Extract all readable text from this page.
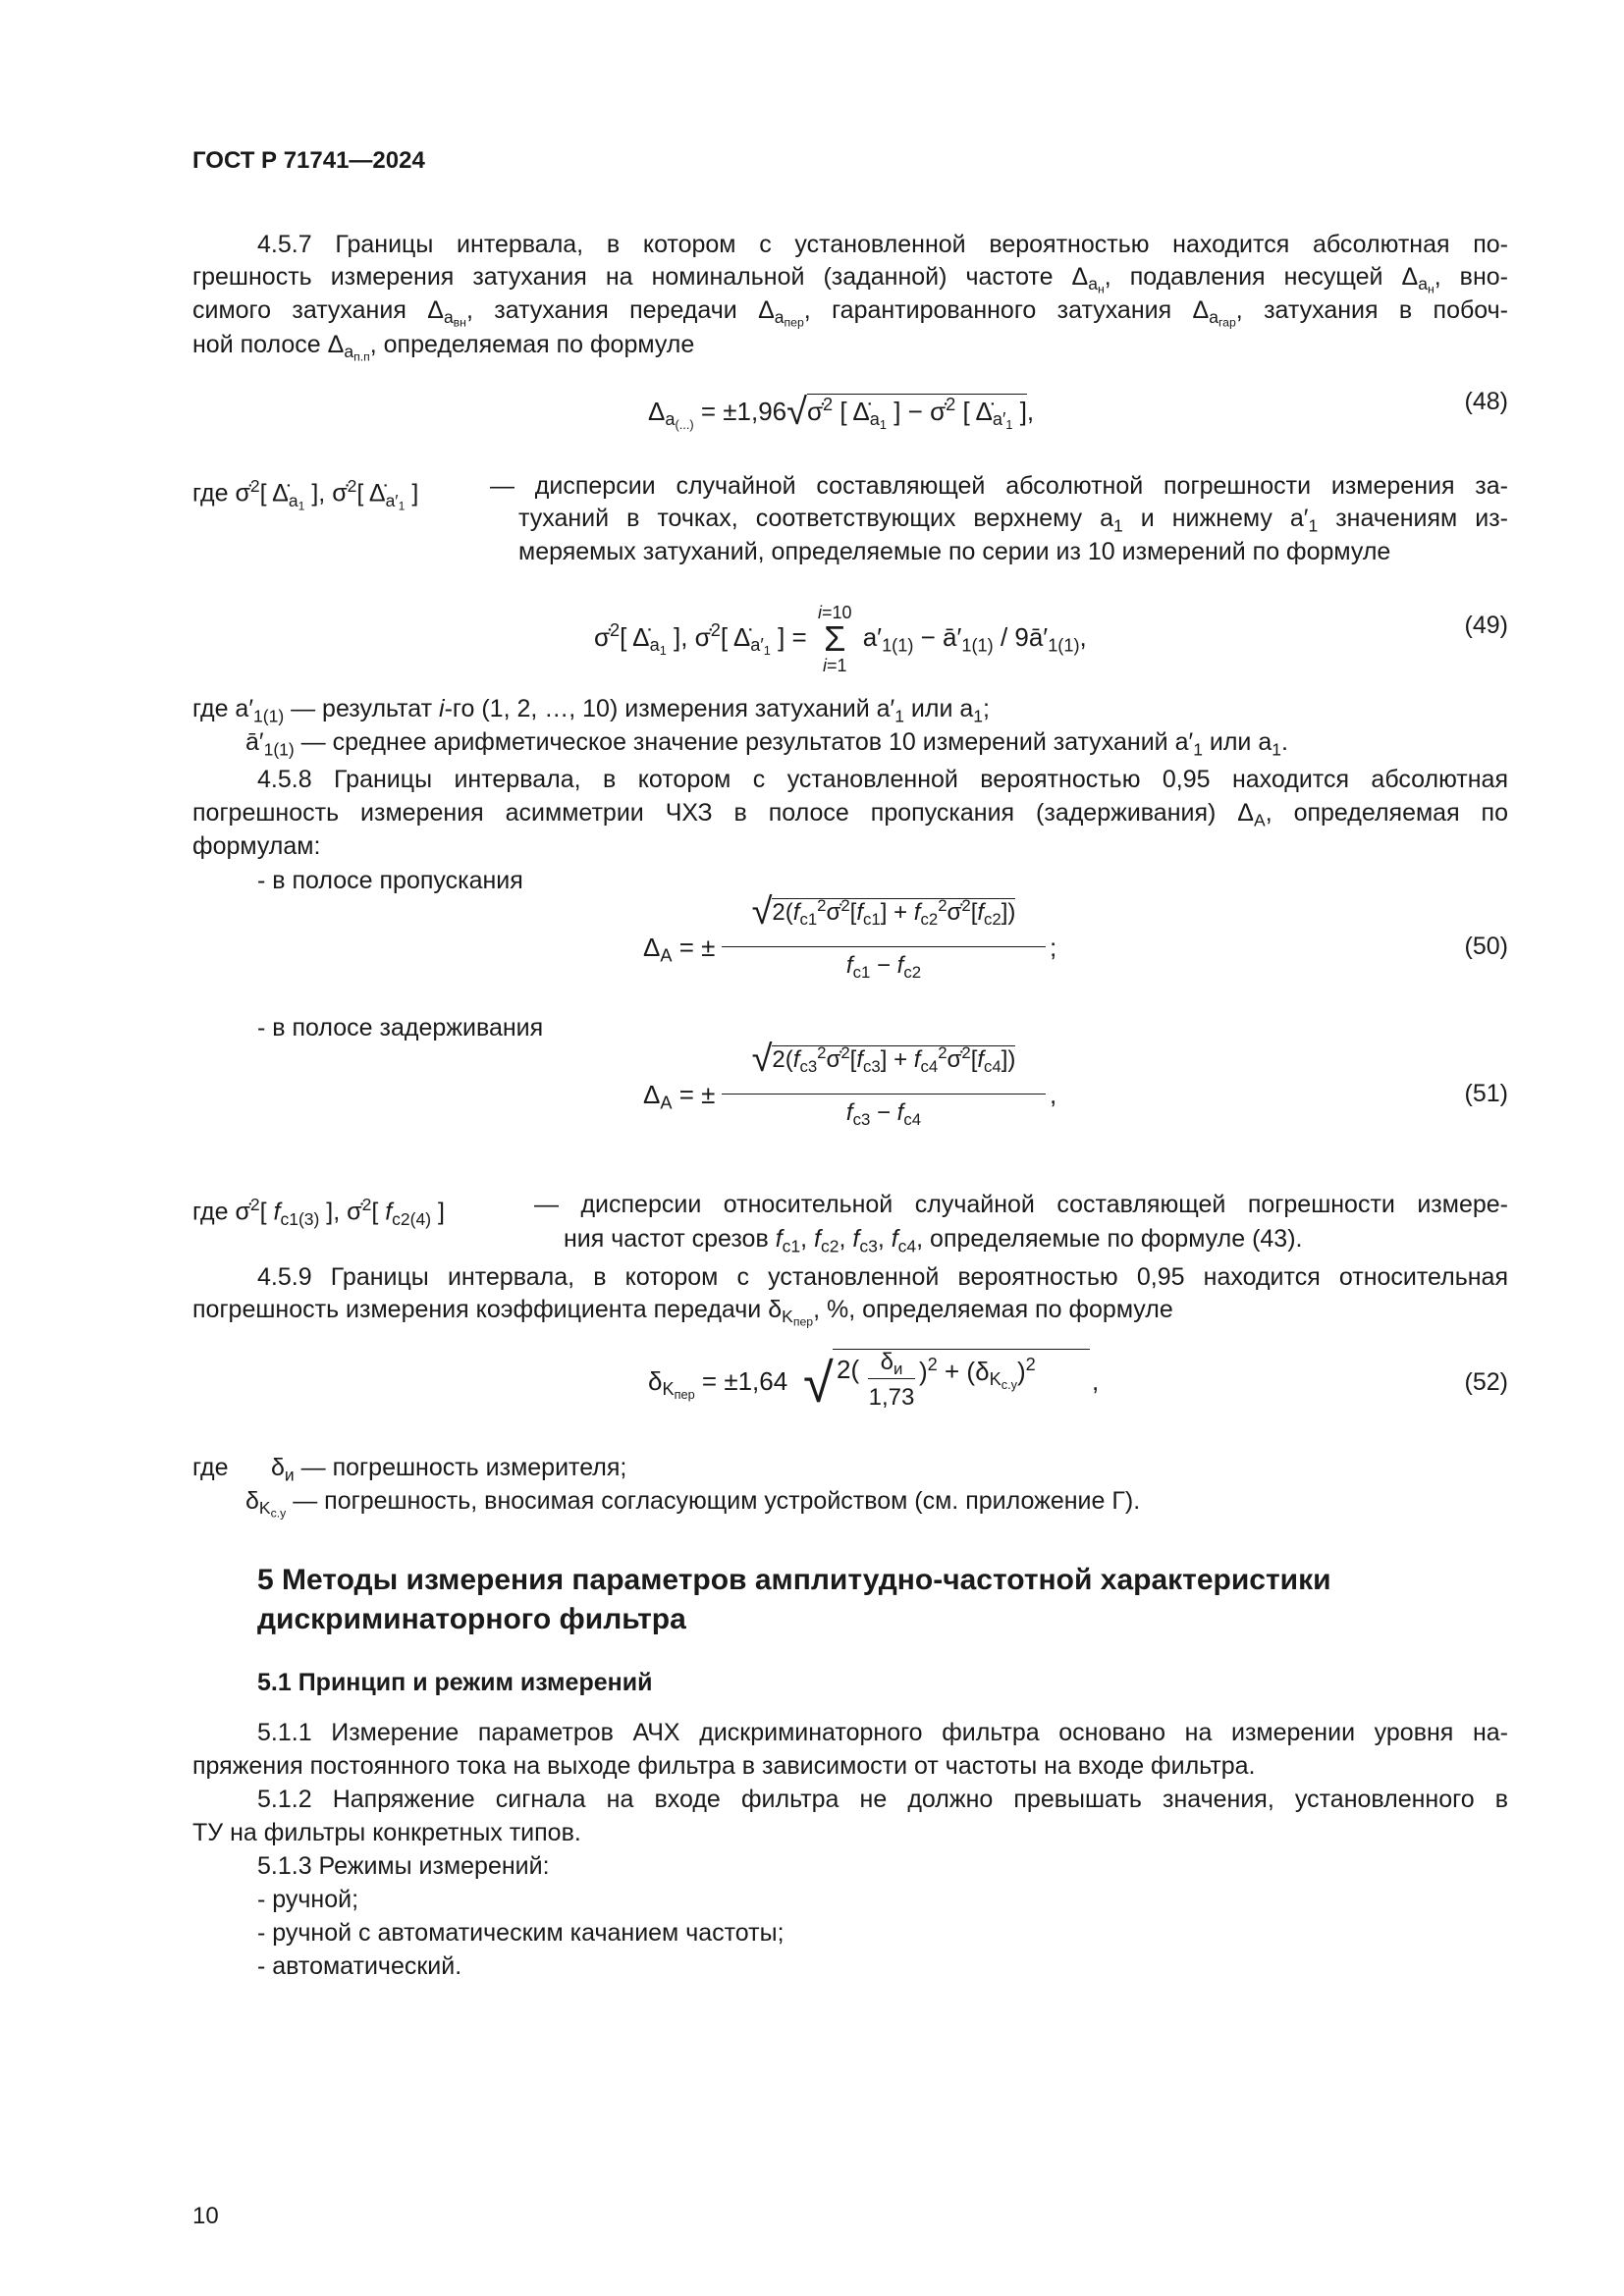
ГОСТ Р 71741—2024
4.5.7 Границы интервала, в котором с установленной вероятностью находится абсолютная по-
грешность измерения затухания на номинальной (заданной) частоте $\Delta_{a_н}$, подавления несущей $\Delta_{a_н}$, вно-
симого затухания $\Delta_{a_{вн}}$, затухания передачи $\Delta_{a_{пер}}$, гарантированного затухания $\Delta_{a_{гар}}$, затухания в побоч-
ной полосе $\Delta_{a_{п.п}}$, определяемая по формуле
$\Delta_{a_{(...)}}$ = ±1,96√σ̇$^2$ [ $\Deltȧ_{a_1}$ ] − σ̇$^2$ [ $\Deltȧ_{a'_1}$ ],	(48)
где σ̇$^2$[ $\Deltȧ_{a_1}$ ], σ̇$^2$[ $\Deltȧ_{a'_1}$ ]	— дисперсии случайной составляющей абсолютной погрешности измерения за-
туханий в точках, соответствующих верхнему $a_1$ и нижнему $a'_1$ значениям из-
меряемых затуханий, определяемые по серии из 10 измерений по формуле
σ̇$^2$[ $\Deltȧ_{a_1}$ ], σ̇$^2$[ $\Deltȧ_{a'_1}$ ] = i=10
Σ
i=1 $a'_{1(1)}$ − $ā'_{1(1)}$ / $9ā'_{1(1)}$,	(49)
где $a'_{1(1)}$ — результат i-го (1, 2, …, 10) измерения затуханий $a'_1$ или $a_1$;
$ā'_{1(1)}$ — среднее арифметическое значение результатов 10 измерений затуханий $a'_1$ или $a_1$.
4.5.8 Границы интервала, в котором с установленной вероятностью 0,95 находится абсолютная
погрешность измерения асимметрии ЧХЗ в полосе пропускания (задерживания) $\Delta_A$, определяемая по
формулам:
- в полосе пропускания
$\Delta_A$ = ±
$√2(f_{c1}^2\sigmȧ^2[f_{c1}]$ + $f_{c2}^2\sigmȧ^2[f_{c2}]$)
$f_{c1} - f_{c2}$
;	(50)
- в полосе задерживания
$\Delta_A$ = ±
$√2(f_{c3}^2\sigmȧ^2[f_{c3}]$ + $f_{c4}^2\sigmȧ^2[f_{c4}]$)
$f_{c3} - f_{c4}$
,	(51)
где σ̇$^2$[ $f_{c1(3)}$ ], σ̇$^2$[ $f_{c2(4)}$ ]	— дисперсии относительной случайной составляющей погрешности измере-
ния частот срезов $f_{c1}$, $f_{c2}$, $f_{c3}$, $f_{c4}$, определяемые по формуле (43).
4.5.9 Границы интервала, в котором с установленной вероятностью 0,95 находится относительная
погрешность измерения коэффициента передачи $\delta_{K_{пер}}$, %, определяемая по формуле
$\delta_{K_{пер}} = \pm 1,64$ √ 2( $\delta_и$
1,73
)$^2 + (\delta_{K_{с.у}})^2$
,	(52)
где $\delta_и$ — погрешность измерителя;
$\delta_{K_{с.у}}$ — погрешность, вносимая согласующим устройством (см. приложение Г).
5 Методы измерения параметров амплитудно-частотной характеристики
дискриминаторного фильтра
5.1 Принцип и режим измерений
5.1.1 Измерение параметров АЧХ дискриминаторного фильтра основано на измерении уровня на-
пряжения постоянного тока на выходе фильтра в зависимости от частоты на входе фильтра.
5.1.2 Напряжение сигнала на входе фильтра не должно превышать значения, установленного в
ТУ на фильтры конкретных типов.
5.1.3 Режимы измерений:
- ручной;
- ручной с автоматическим качанием частоты;
- автоматический.
10
